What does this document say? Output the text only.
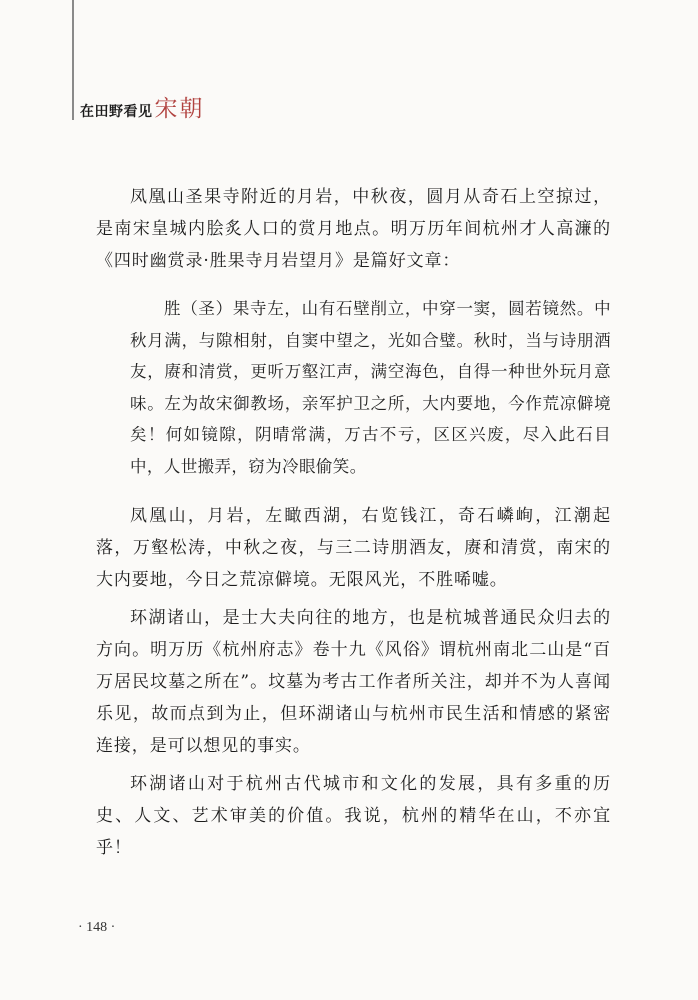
在田野看见宋朝

凤凰山圣果寺附近的月岩，中秋夜，圆月从奇石上空掠过，是南宋皇城内脍炙人口的赏月地点。明万历年间杭州才人高濂的《四时幽赏录·胜果寺月岩望月》是篇好文章：

胜（圣）果寺左，山有石壁削立，中穿一窦，圆若镜然。中秋月满，与隙相射，自窦中望之，光如合璧。秋时，当与诗朋酒友，赓和清赏，更听万壑江声，满空海色，自得一种世外玩月意味。左为故宋御教场，亲军护卫之所，大内要地，今作荒凉僻境矣！何如镜隙，阴晴常满，万古不亏，区区兴废，尽入此石目中，人世搬弄，窃为冷眼偷笑。

凤凰山，月岩，左瞰西湖，右览钱江，奇石嶙峋，江潮起落，万壑松涛，中秋之夜，与三二诗朋酒友，赓和清赏，南宋的大内要地，今日之荒凉僻境。无限风光，不胜唏嘘。

环湖诸山，是士大夫向往的地方，也是杭城普通民众归去的方向。明万历《杭州府志》卷十九《风俗》谓杭州南北二山是“百万居民坟墓之所在”。坟墓为考古工作者所关注，却并不为人喜闻乐见，故而点到为止，但环湖诸山与杭州市民生活和情感的紧密连接，是可以想见的事实。

环湖诸山对于杭州古代城市和文化的发展，具有多重的历史、人文、艺术审美的价值。我说，杭州的精华在山，不亦宜乎！

· 148 ·
